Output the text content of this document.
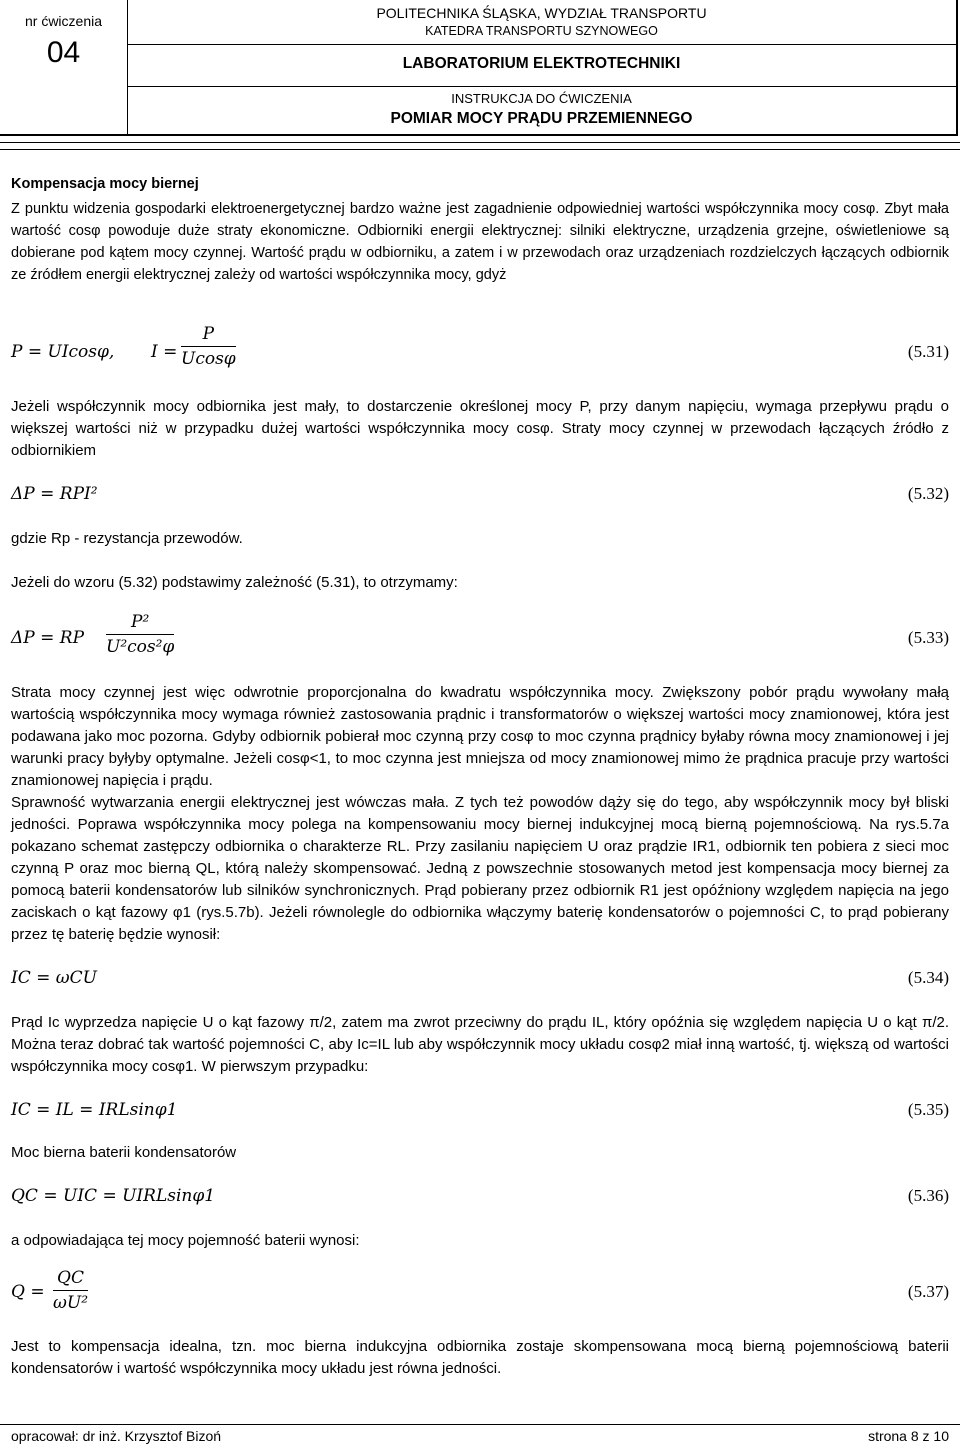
nr ćwiczenia
04
POLITECHNIKA ŚLĄSKA, WYDZIAŁ TRANSPORTU
KATEDRA TRANSPORTU SZYNOWEGO
LABORATORIUM ELEKTROTECHNIKI
INSTRUKCJA DO ĆWICZENIA
POMIAR MOCY PRĄDU PRZEMIENNEGO
Kompensacja mocy biernej

Z punktu widzenia gospodarki elektroenergetycznej bardzo ważne jest zagadnienie odpowiedniej wartości współczynnika mocy cosφ. Zbyt mała wartość cosφ powoduje duże straty ekonomiczne. Odbiorniki energii elektrycznej: silniki elektryczne, urządzenia grzejne, oświetleniowe są dobierane pod kątem mocy czynnej. Wartość prądu w odbiorniku, a zatem i w przewodach oraz urządzeniach rozdzielczych łączących odbiornik ze źródłem energii elektrycznej zależy od wartości współczynnika mocy, gdyż

P = UIcosφ, I =
P
Ucosφ	(5.31)

Jeżeli współczynnik mocy odbiornika jest mały, to dostarczenie określonej mocy P, przy danym napięciu, wymaga przepływu prądu o większej wartości niż w przypadku dużej wartości współczynnika mocy cosφ. Straty mocy czynnej w przewodach łączących źródło z odbiornikiem

ΔP = RPI²	(5.32)

gdzie Rp - rezystancja przewodów.

Jeżeli do wzoru (5.32) podstawimy zależność (5.31), to otrzymamy:

ΔP = RP
P²
U²cos²φ	(5.33)

Strata mocy czynnej jest więc odwrotnie proporcjonalna do kwadratu współczynnika mocy. Zwiększony pobór prądu wywołany małą wartością współczynnika mocy wymaga również zastosowania prądnic i transformatorów o większej wartości mocy znamionowej, która jest podawana jako moc pozorna. Gdyby odbiornik pobierał moc czynną przy cosφ to moc czynna prądnicy byłaby równa mocy znamionowej i jej warunki pracy byłyby optymalne. Jeżeli cosφ<1, to moc czynna jest mniejsza od mocy znamionowej mimo że prądnica pracuje przy wartości znamionowej napięcia i prądu.

Sprawność wytwarzania energii elektrycznej jest wówczas mała. Z tych też powodów dąży się do tego, aby współczynnik mocy był bliski jedności. Poprawa współczynnika mocy polega na kompensowaniu mocy biernej indukcyjnej mocą bierną pojemnościową. Na rys.5.7a pokazano schemat zastępczy odbiornika o charakterze RL. Przy zasilaniu napięciem U oraz prądzie IR1, odbiornik ten pobiera z sieci moc czynną P oraz moc bierną QL, którą należy skompensować. Jedną z powszechnie stosowanych metod jest kompensacja mocy biernej za pomocą baterii kondensatorów lub silników synchronicznych. Prąd pobierany przez odbiornik R1 jest opóźniony względem napięcia na jego zaciskach o kąt fazowy φ1 (rys.5.7b). Jeżeli równolegle do odbiornika włączymy baterię kondensatorów o pojemności C, to prąd pobierany przez tę baterię będzie wynosił:

IC = ωCU	(5.34)

Prąd Ic wyprzedza napięcie U o kąt fazowy π/2, zatem ma zwrot przeciwny do prądu IL, który opóźnia się względem napięcia U o kąt π/2. Można teraz dobrać tak wartość pojemności C, aby Ic=IL lub aby współczynnik mocy układu cosφ2 miał inną wartość, tj. większą od wartości współczynnika mocy cosφ1. W pierwszym przypadku:

IC = IL = IRLsinφ1	(5.35)

Moc bierna baterii kondensatorów

QC = UIC = UIRLsinφ1	(5.36)

a odpowiadająca tej mocy pojemność baterii wynosi:

Q =
QC
ωU²
(5.37)

Jest to kompensacja idealna, tzn. moc bierna indukcyjna odbiornika zostaje skompensowana mocą bierną pojemnościową baterii kondensatorów i wartość współczynnika mocy układu jest równa jedności.

opracował: dr inż. Krzysztof Bizoń	strona 8 z 10
